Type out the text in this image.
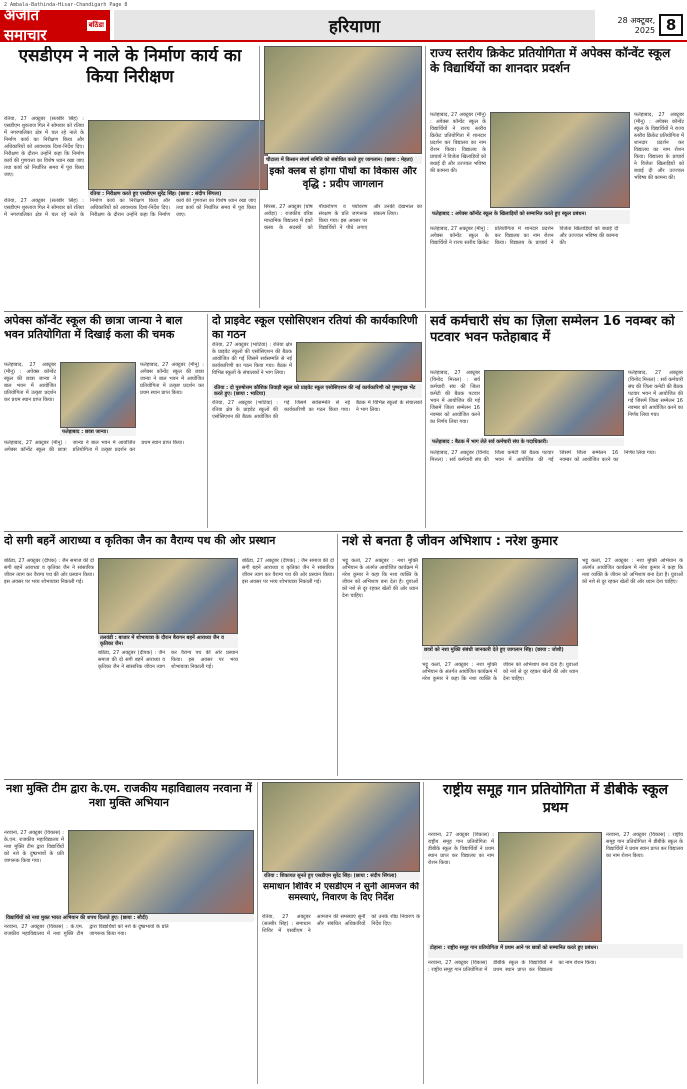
2 Ambala-Bathinda-Hisar-Chandigarh Page 8
अजीत समाचार
बठिंडा	हरियाणा	28 अक्टूबर, 2025 8
एसडीएम ने नाले के निर्माण कार्य का किया निरीक्षण
रतिया, 27 अक्टूबर (सतबीर सिंह) : एसडीएम शुरुताज गिल ने सोमवार को रतिया में नगरपालिका क्षेत्र में चल रहे नाले के निर्माण कार्य का निरीक्षण किया और अधिकारियों को आवश्यक दिशा-निर्देश दिए। निरीक्षण के दौरान उन्होंने कहा कि निर्माण कार्य की गुणवत्ता का विशेष ध्यान रखा जाए तथा कार्य को निर्धारित समय में पूरा किया जाए।
रतिया : निरीक्षण करते हुए एसडीएम सुरेंद्र सिंह। (छाया : संदीप सिंगला)
रतिया, 27 अक्टूबर (सतबीर सिंह) : एसडीएम शुरुताज गिल ने सोमवार को रतिया में नगरपालिका क्षेत्र में चल रहे नाले के निर्माण कार्य का निरीक्षण किया और अधिकारियों को आवश्यक दिशा-निर्देश दिए। निरीक्षण के दौरान उन्होंने कहा कि निर्माण कार्य की गुणवत्ता का विशेष ध्यान रखा जाए तथा कार्य को निर्धारित समय में पूरा किया जाए।
चौटाला में किसान संघर्ष समिति को संबोधित करते हुए जागलान। (छाया : मेहता)
इको क्लब से होगा पौधों का विकास और वृद्धि : प्रदीप जागलान
सिरसा, 27 अक्टूबर (घोष अरोड़ा) : राजकीय वरिष्ठ माध्यमिक विद्यालय में इको क्लब के सदस्यों को पौधारोपण व पर्यावरण संरक्षण के प्रति जागरूक किया गया। इस अवसर पर विद्यार्थियों ने पौधे लगाए और उनकी देखभाल का संकल्प लिया।
राज्य स्तरीय क्रिकेट प्रतियोगिता में अपेक्स कॉन्वेंट स्कूल के विद्यार्थियों का शानदार प्रदर्शन
फतेहाबाद, 27 अक्टूबर (मीनू) : अपेक्स कॉन्वेंट स्कूल के विद्यार्थियों ने राज्य स्तरीय क्रिकेट प्रतियोगिता में शानदार प्रदर्शन कर विद्यालय का नाम रोशन किया। विद्यालय के प्राचार्य ने विजेता खिलाड़ियों को बधाई दी और उज्ज्वल भविष्य की कामना की।
फतेहाबाद, 27 अक्टूबर (मीनू) : अपेक्स कॉन्वेंट स्कूल के विद्यार्थियों ने राज्य स्तरीय क्रिकेट प्रतियोगिता में शानदार प्रदर्शन कर विद्यालय का नाम रोशन किया। विद्यालय के प्राचार्य ने विजेता खिलाड़ियों को बधाई दी और उज्ज्वल भविष्य की कामना की।
फतेहाबाद : अपेक्स कॉन्वेंट स्कूल के खिलाड़ियों को सम्मानित करते हुए स्कूल प्रबंधन।
फतेहाबाद, 27 अक्टूबर (मीनू) : अपेक्स कॉन्वेंट स्कूल के विद्यार्थियों ने राज्य स्तरीय क्रिकेट प्रतियोगिता में शानदार प्रदर्शन कर विद्यालय का नाम रोशन किया। विद्यालय के प्राचार्य ने विजेता खिलाड़ियों को बधाई दी और उज्ज्वल भविष्य की कामना की।
अपेक्स कॉन्वेंट स्कूल की छात्रा जान्या ने बाल भवन प्रतियोगिता में दिखाई कला की चमक
फतेहाबाद, 27 अक्टूबर (मीनू) : अपेक्स कॉन्वेंट स्कूल की छात्रा जान्या ने बाल भवन में आयोजित प्रतियोगिता में उत्कृष्ट प्रदर्शन कर प्रथम स्थान प्राप्त किया।
फतेहाबाद, 27 अक्टूबर (मीनू) : अपेक्स कॉन्वेंट स्कूल की छात्रा जान्या ने बाल भवन में आयोजित प्रतियोगिता में उत्कृष्ट प्रदर्शन कर प्रथम स्थान प्राप्त किया।
फतेहाबाद : छात्रा जान्या।
फतेहाबाद, 27 अक्टूबर (मीनू) : अपेक्स कॉन्वेंट स्कूल की छात्रा जान्या ने बाल भवन में आयोजित प्रतियोगिता में उत्कृष्ट प्रदर्शन कर प्रथम स्थान प्राप्त किया।
दो प्राइवेट स्कूल एसोसिएशन रतियां की कार्यकारिणी का गठन
रतिया, 27 अक्टूबर (भाटिया) : रतिया क्षेत्र के प्राइवेट स्कूलों की एसोसिएशन की बैठक आयोजित की गई जिसमें सर्वसम्मति से नई कार्यकारिणी का गठन किया गया। बैठक में विभिन्न स्कूलों के संचालकों ने भाग लिया।
रतिया : दो पुरुषोत्तम कौशिक तिवाड़ी स्कूल को प्राइवेट स्कूल एसोसिएशन की नई कार्यकारिणी को पुष्पगुच्छ भेंट करते हुए। (छाया : भाटिया)
रतिया, 27 अक्टूबर (भाटिया) : रतिया क्षेत्र के प्राइवेट स्कूलों की एसोसिएशन की बैठक आयोजित की गई जिसमें सर्वसम्मति से नई कार्यकारिणी का गठन किया गया। बैठक में विभिन्न स्कूलों के संचालकों ने भाग लिया।
सर्व कर्मचारी संघ का ज़िला सम्मेलन 16 नवम्बर को पटवार भवन फतेहाबाद में
फतेहाबाद, 27 अक्टूबर (विनोद मित्तल) : सर्व कर्मचारी संघ की जिला कमेटी की बैठक पटवार भवन में आयोजित की गई जिसमें जिला सम्मेलन 16 नवम्बर को आयोजित करने का निर्णय लिया गया।
फतेहाबाद, 27 अक्टूबर (विनोद मित्तल) : सर्व कर्मचारी संघ की जिला कमेटी की बैठक पटवार भवन में आयोजित की गई जिसमें जिला सम्मेलन 16 नवम्बर को आयोजित करने का निर्णय लिया गया।
फतेहाबाद : बैठक में भाग लेते सर्व कर्मचारी संघ के पदाधिकारी।
फतेहाबाद, 27 अक्टूबर (विनोद मित्तल) : सर्व कर्मचारी संघ की जिला कमेटी की बैठक पटवार भवन में आयोजित की गई जिसमें जिला सम्मेलन 16 नवम्बर को आयोजित करने का निर्णय लिया गया।
दो सगी बहनें आराध्या व कृतिका जैन का वैराग्य पथ की ओर प्रस्थान
बठिंडा, 27 अक्टूबर (दीपक) : जैन समाज की दो सगी बहनें आराध्या व कृतिका जैन ने सांसारिक जीवन त्याग कर वैराग्य पथ की ओर प्रस्थान किया। इस अवसर पर भव्य शोभायात्रा निकाली गई।
तलवंडी : बाजार में शोभायात्रा के दौरान बैरागन बहनें आराध्या जैन व कृतिका जैन।
बठिंडा, 27 अक्टूबर (दीपक) : जैन समाज की दो सगी बहनें आराध्या व कृतिका जैन ने सांसारिक जीवन त्याग कर वैराग्य पथ की ओर प्रस्थान किया। इस अवसर पर भव्य शोभायात्रा निकाली गई।
बठिंडा, 27 अक्टूबर (दीपक) : जैन समाज की दो सगी बहनें आराध्या व कृतिका जैन ने सांसारिक जीवन त्याग कर वैराग्य पथ की ओर प्रस्थान किया। इस अवसर पर भव्य शोभायात्रा निकाली गई।
नशे से बनता है जीवन अभिशाप : नरेश कुमार
भट्टू कलां, 27 अक्टूबर : नशा मुक्ति अभियान के अंतर्गत आयोजित कार्यक्रम में नरेश कुमार ने कहा कि नशा व्यक्ति के जीवन को अभिशाप बना देता है। युवाओं को नशे से दूर रहकर खेलों की ओर ध्यान देना चाहिए।
छात्रों को नशा मुक्ति संबंधी जानकारी देते हुए जागलान सिंह। (छाया : जोशी)
भट्टू कलां, 27 अक्टूबर : नशा मुक्ति अभियान के अंतर्गत आयोजित कार्यक्रम में नरेश कुमार ने कहा कि नशा व्यक्ति के जीवन को अभिशाप बना देता है। युवाओं को नशे से दूर रहकर खेलों की ओर ध्यान देना चाहिए।
भट्टू कलां, 27 अक्टूबर : नशा मुक्ति अभियान के अंतर्गत आयोजित कार्यक्रम में नरेश कुमार ने कहा कि नशा व्यक्ति के जीवन को अभिशाप बना देता है। युवाओं को नशे से दूर रहकर खेलों की ओर ध्यान देना चाहिए।
नशा मुक्ति टीम द्वारा के.एम. राजकीय महाविद्यालय नरवाना में नशा मुक्ति अभियान
नरवाना, 27 अक्टूबर (विकास) : के.एम. राजकीय महाविद्यालय में नशा मुक्ति टीम द्वारा विद्यार्थियों को नशे के दुष्प्रभावों के प्रति जागरूक किया गया।
विद्यार्थियों को नशा मुक्त भारत अभियान की शपथ दिलाते हुए। (छाया : सौदी)
नरवाना, 27 अक्टूबर (विकास) : के.एम. राजकीय महाविद्यालय में नशा मुक्ति टीम द्वारा विद्यार्थियों को नशे के दुष्प्रभावों के प्रति जागरूक किया गया।
रतिया : शिकायत सुनते हुए एसडीएम सुरेंद्र सिंह। (छाया : संदीप सिंगला)
समाधान शिविर में एसडीएम ने सुनी आमजन की समस्याएं, निवारण के दिए निर्देश
रतिया, 27 अक्टूबर (सतबीर सिंह) : समाधान शिविर में एसडीएम ने आमजन की समस्याएं सुनीं और संबंधित अधिकारियों को उनके शीघ्र निवारण के निर्देश दिए।
राष्ट्रीय समूह गान प्रतियोगिता में डीबीके स्कूल प्रथम
नरवाना, 27 अक्टूबर (विकास) : राष्ट्रीय समूह गान प्रतियोगिता में डीबीके स्कूल के विद्यार्थियों ने प्रथम स्थान प्राप्त कर विद्यालय का नाम रोशन किया।
नरवाना, 27 अक्टूबर (विकास) : राष्ट्रीय समूह गान प्रतियोगिता में डीबीके स्कूल के विद्यार्थियों ने प्रथम स्थान प्राप्त कर विद्यालय का नाम रोशन किया।
टोहाना : राष्ट्रीय समूह गान प्रतियोगिता में प्रथम आने पर छात्रों को सम्मानित करते हुए प्रबंधन।
नरवाना, 27 अक्टूबर (विकास) : राष्ट्रीय समूह गान प्रतियोगिता में डीबीके स्कूल के विद्यार्थियों ने प्रथम स्थान प्राप्त कर विद्यालय का नाम रोशन किया।
